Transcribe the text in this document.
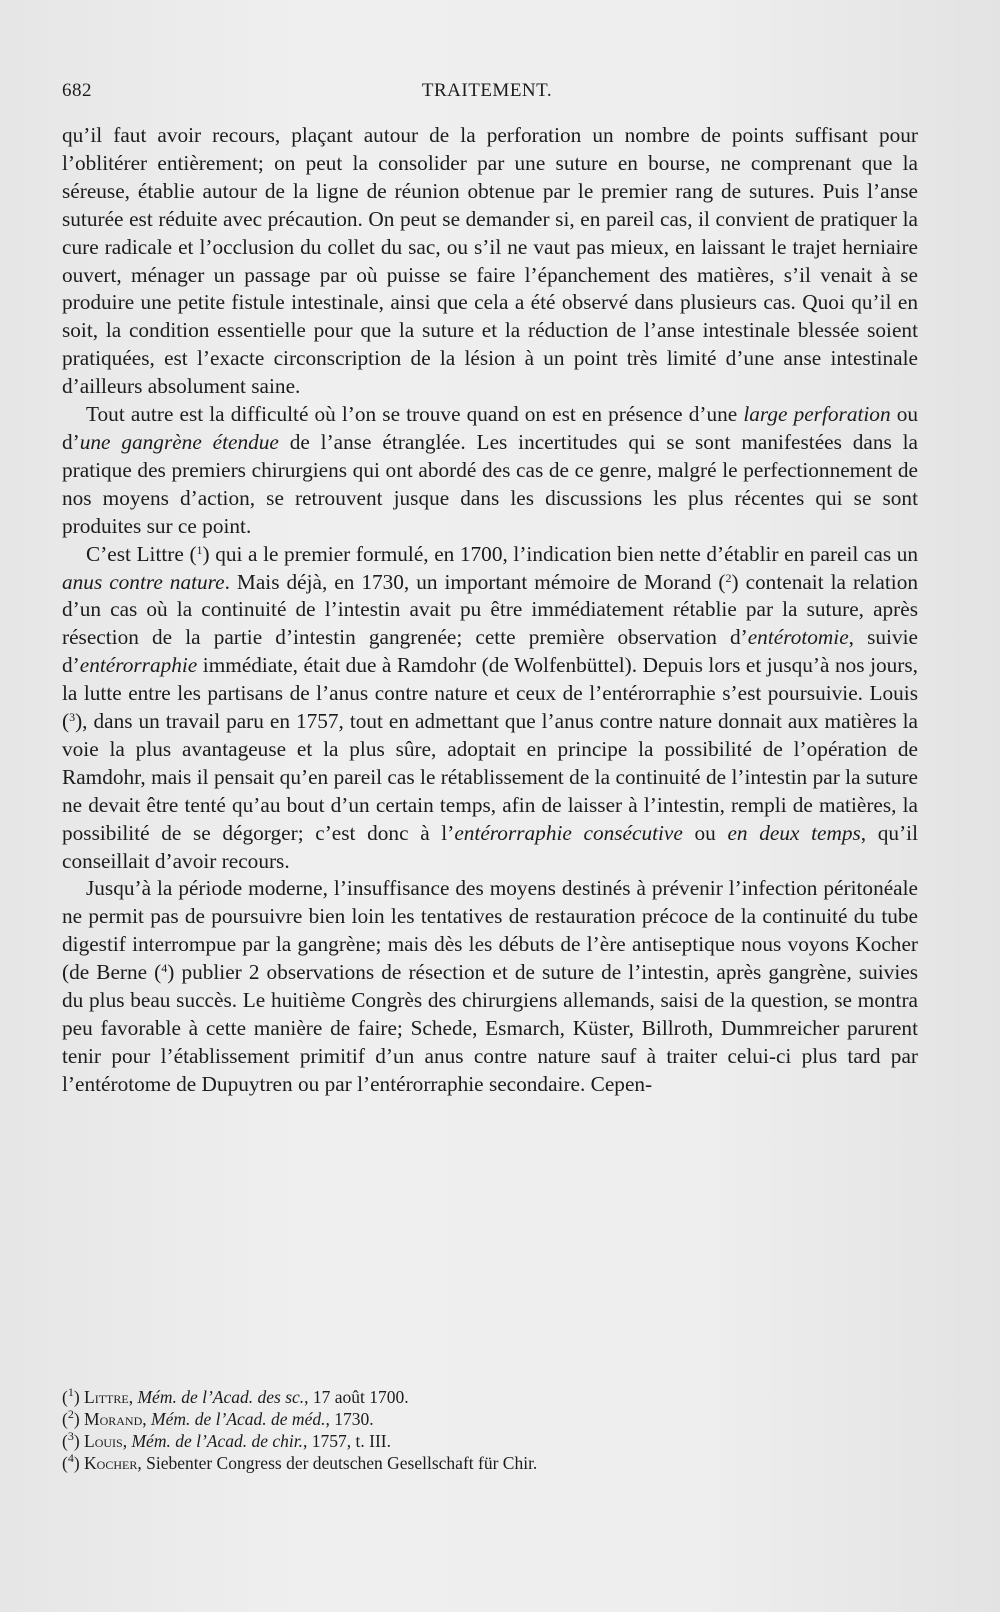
682	TRAITEMENT.

qu’il faut avoir recours, plaçant autour de la perforation un nombre de points suffisant pour l’oblitérer entièrement; on peut la consolider par une suture en bourse, ne comprenant que la séreuse, établie autour de la ligne de réunion obtenue par le premier rang de sutures. Puis l’anse suturée est réduite avec précaution. On peut se demander si, en pareil cas, il convient de pratiquer la cure radicale et l’occlusion du collet du sac, ou s’il ne vaut pas mieux, en laissant le trajet herniaire ouvert, ménager un passage par où puisse se faire l’épanchement des matières, s’il venait à se produire une petite fistule intestinale, ainsi que cela a été observé dans plusieurs cas. Quoi qu’il en soit, la condition essentielle pour que la suture et la réduction de l’anse intestinale blessée soient pratiquées, est l’exacte circonscription de la lésion à un point très limité d’une anse intestinale d’ailleurs absolument saine.

Tout autre est la difficulté où l’on se trouve quand on est en présence d’une large perforation ou d’une gangrène étendue de l’anse étranglée. Les incertitudes qui se sont manifestées dans la pratique des premiers chirurgiens qui ont abordé des cas de ce genre, malgré le perfectionnement de nos moyens d’action, se retrouvent jusque dans les discussions les plus récentes qui se sont produites sur ce point.

C’est Littre ($^1$) qui a le premier formulé, en 1700, l’indication bien nette d’établir en pareil cas un anus contre nature. Mais déjà, en 1730, un important mémoire de Morand ($^2$) contenait la relation d’un cas où la continuité de l’intestin avait pu être immédiatement rétablie par la suture, après résection de la partie d’intestin gangrenée; cette première observation d’entérotomie, suivie d’entérorraphie immédiate, était due à Ramdohr (de Wolfenbüttel). Depuis lors et jusqu’à nos jours, la lutte entre les partisans de l’anus contre nature et ceux de l’entérorraphie s’est poursuivie. Louis ($^3$), dans un travail paru en 1757, tout en admettant que l’anus contre nature donnait aux matières la voie la plus avantageuse et la plus sûre, adoptait en principe la possibilité de l’opération de Ramdohr, mais il pensait qu’en pareil cas le rétablissement de la continuité de l’intestin par la suture ne devait être tenté qu’au bout d’un certain temps, afin de laisser à l’intestin, rempli de matières, la possibilité de se dégorger; c’est donc à l’entérorraphie consécutive ou en deux temps, qu’il conseillait d’avoir recours.

Jusqu’à la période moderne, l’insuffisance des moyens destinés à prévenir l’infection péritonéale ne permit pas de poursuivre bien loin les tentatives de restauration précoce de la continuité du tube digestif interrompue par la gangrène; mais dès les débuts de l’ère antiseptique nous voyons Kocher (de Berne ($^4$) publier 2 observations de résection et de suture de l’intestin, après gangrène, suivies du plus beau succès. Le huitième Congrès des chirurgiens allemands, saisi de la question, se montra peu favorable à cette manière de faire; Schede, Esmarch, Küster, Billroth, Dummreicher parurent tenir pour l’établissement primitif d’un anus contre nature sauf à traiter celui-ci plus tard par l’entérotome de Dupuytren ou par l’entérorraphie secondaire. Cepen-

($^1$) Littre, Mém. de l’Acad. des sc., 17 août 1700.
($^2$) Morand, Mém. de l’Acad. de méd., 1730.
($^3$) Louis, Mém. de l’Acad. de chir., 1757, t. III.
($^4$) Kocher, Siebenter Congress der deutschen Gesellschaft für Chir.
